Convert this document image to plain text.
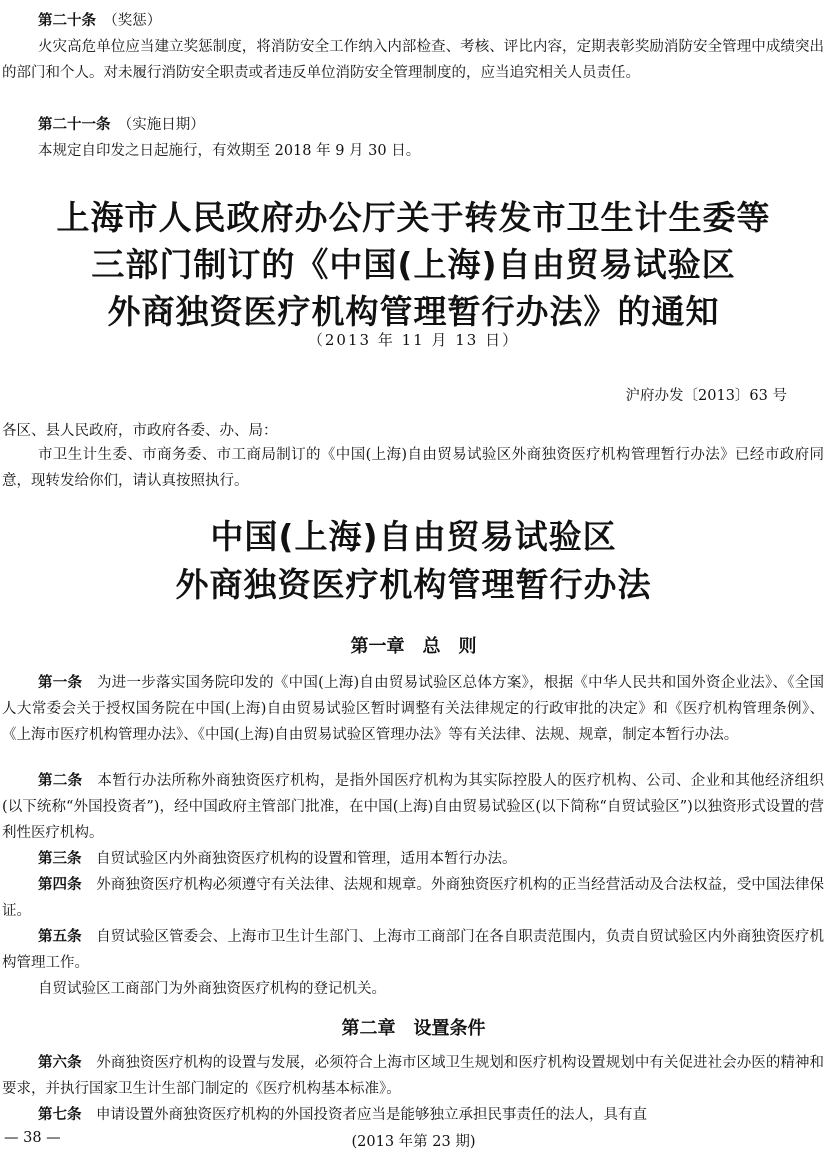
第二十条　 （奖惩）

火灾高危单位应当建立奖惩制度，将消防安全工作纳入内部检查、考核、评比内容，定期表彰奖励消防安全管理中成绩突出的部门和个人。对未履行消防安全职责或者违反单位消防安全管理制度的，应当追究相关人员责任。

第二十一条　 （实施日期）

本规定自印发之日起施行，有效期至 2018 年 9 月 30 日。

上海市人民政府办公厅关于转发市卫生计生委等
三部门制订的《中国(上海)自由贸易试验区
外商独资医疗机构管理暂行办法》的通知
（2013 年 11 月 13 日）
沪府办发〔2013〕63 号

各区、县人民政府，市政府各委、办、局：

市卫生计生委、市商务委、市工商局制订的《中国(上海)自由贸易试验区外商独资医疗机构管理暂行办法》已经市政府同意，现转发给你们，请认真按照执行。

中国(上海)自由贸易试验区
外商独资医疗机构管理暂行办法
第一章　总　则

第一条　为进一步落实国务院印发的《中国(上海)自由贸易试验区总体方案》，根据《中华人民共和国外资企业法》、《全国人大常委会关于授权国务院在中国(上海)自由贸易试验区暂时调整有关法律规定的行政审批的决定》和《医疗机构管理条例》、《上海市医疗机构管理办法》、《中国(上海)自由贸易试验区管理办法》等有关法律、法规、规章，制定本暂行办法。

第二条　本暂行办法所称外商独资医疗机构，是指外国医疗机构为其实际控股人的医疗机构、公司、企业和其他经济组织(以下统称“外国投资者”)，经中国政府主管部门批准，在中国(上海)自由贸易试验区(以下简称“自贸试验区”)以独资形式设置的营利性医疗机构。

第三条　自贸试验区内外商独资医疗机构的设置和管理，适用本暂行办法。

第四条　外商独资医疗机构必须遵守有关法律、法规和规章。外商独资医疗机构的正当经营活动及合法权益，受中国法律保证。

第五条　自贸试验区管委会、上海市卫生计生部门、上海市工商部门在各自职责范围内，负责自贸试验区内外商独资医疗机构管理工作。

自贸试验区工商部门为外商独资医疗机构的登记机关。

第二章　设置条件

第六条　外商独资医疗机构的设置与发展，必须符合上海市区域卫生规划和医疗机构设置规划中有关促进社会办医的精神和要求，并执行国家卫生计生部门制定的《医疗机构基本标准》。

第七条　申请设置外商独资医疗机构的外国投资者应当是能够独立承担民事责任的法人，具有直

— 38 —	(2013 年第 23 期)
